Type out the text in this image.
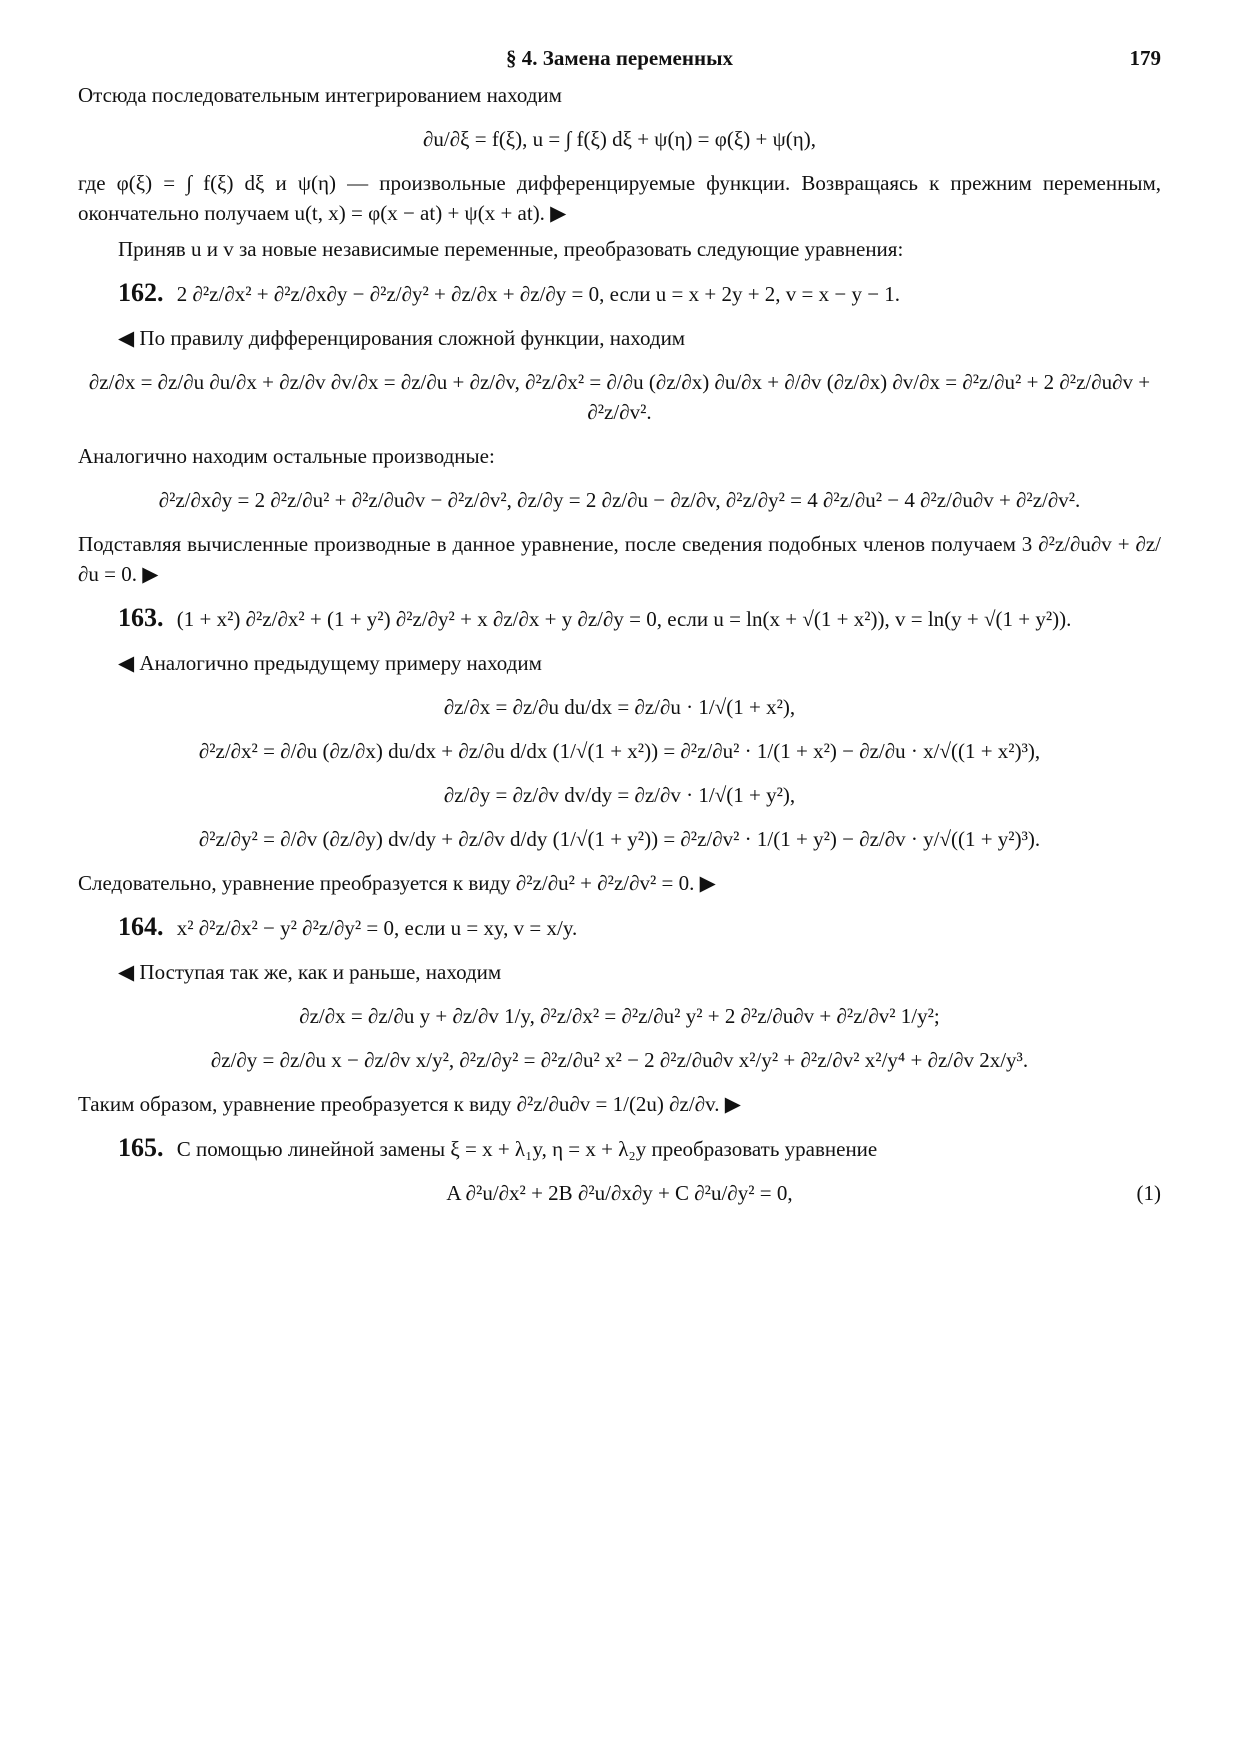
§ 4. Замена переменных	179

Отсюда последовательным интегрированием находим

∂u/∂ξ = f(ξ), u = ∫ f(ξ) dξ + ψ(η) = φ(ξ) + ψ(η),

где φ(ξ) = ∫ f(ξ) dξ и ψ(η) — произвольные дифференцируемые функции. Возвращаясь к прежним переменным, окончательно получаем u(t, x) = φ(x − at) + ψ(x + at). ▶

Приняв u и v за новые независимые переменные, преобразовать следующие уравнения:

162. 2 ∂²z/∂x² + ∂²z/∂x∂y − ∂²z/∂y² + ∂z/∂x + ∂z/∂y = 0, если u = x + 2y + 2, v = x − y − 1.

◀ По правилу дифференцирования сложной функции, находим

∂z/∂x = ∂z/∂u ∂u/∂x + ∂z/∂v ∂v/∂x = ∂z/∂u + ∂z/∂v, ∂²z/∂x² = ∂/∂u (∂z/∂x) ∂u/∂x + ∂/∂v (∂z/∂x) ∂v/∂x = ∂²z/∂u² + 2 ∂²z/∂u∂v + ∂²z/∂v².

Аналогично находим остальные производные:

∂²z/∂x∂y = 2 ∂²z/∂u² + ∂²z/∂u∂v − ∂²z/∂v², ∂z/∂y = 2 ∂z/∂u − ∂z/∂v, ∂²z/∂y² = 4 ∂²z/∂u² − 4 ∂²z/∂u∂v + ∂²z/∂v².

Подставляя вычисленные производные в данное уравнение, после сведения подобных членов получаем 3 ∂²z/∂u∂v + ∂z/∂u = 0. ▶

163. (1 + x²) ∂²z/∂x² + (1 + y²) ∂²z/∂y² + x ∂z/∂x + y ∂z/∂y = 0, если u = ln(x + √(1 + x²)), v = ln(y + √(1 + y²)).

◀ Аналогично предыдущему примеру находим

∂z/∂x = ∂z/∂u du/dx = ∂z/∂u · 1/√(1 + x²),
∂²z/∂x² = ∂/∂u (∂z/∂x) du/dx + ∂z/∂u d/dx (1/√(1 + x²)) = ∂²z/∂u² · 1/(1 + x²) − ∂z/∂u · x/√((1 + x²)³),
∂z/∂y = ∂z/∂v dv/dy = ∂z/∂v · 1/√(1 + y²),
∂²z/∂y² = ∂/∂v (∂z/∂y) dv/dy + ∂z/∂v d/dy (1/√(1 + y²)) = ∂²z/∂v² · 1/(1 + y²) − ∂z/∂v · y/√((1 + y²)³).

Следовательно, уравнение преобразуется к виду ∂²z/∂u² + ∂²z/∂v² = 0. ▶

164. x² ∂²z/∂x² − y² ∂²z/∂y² = 0, если u = xy, v = x/y.

◀ Поступая так же, как и раньше, находим

∂z/∂x = ∂z/∂u y + ∂z/∂v 1/y, ∂²z/∂x² = ∂²z/∂u² y² + 2 ∂²z/∂u∂v + ∂²z/∂v² 1/y²;
∂z/∂y = ∂z/∂u x − ∂z/∂v x/y², ∂²z/∂y² = ∂²z/∂u² x² − 2 ∂²z/∂u∂v x²/y² + ∂²z/∂v² x²/y⁴ + ∂z/∂v 2x/y³.

Таким образом, уравнение преобразуется к виду ∂²z/∂u∂v = 1/(2u) ∂z/∂v. ▶

165. С помощью линейной замены ξ = x + λ₁y, η = x + λ₂y преобразовать уравнение
A ∂²u/∂x² + 2B ∂²u/∂x∂y + C ∂²u/∂y² = 0,	(1)
